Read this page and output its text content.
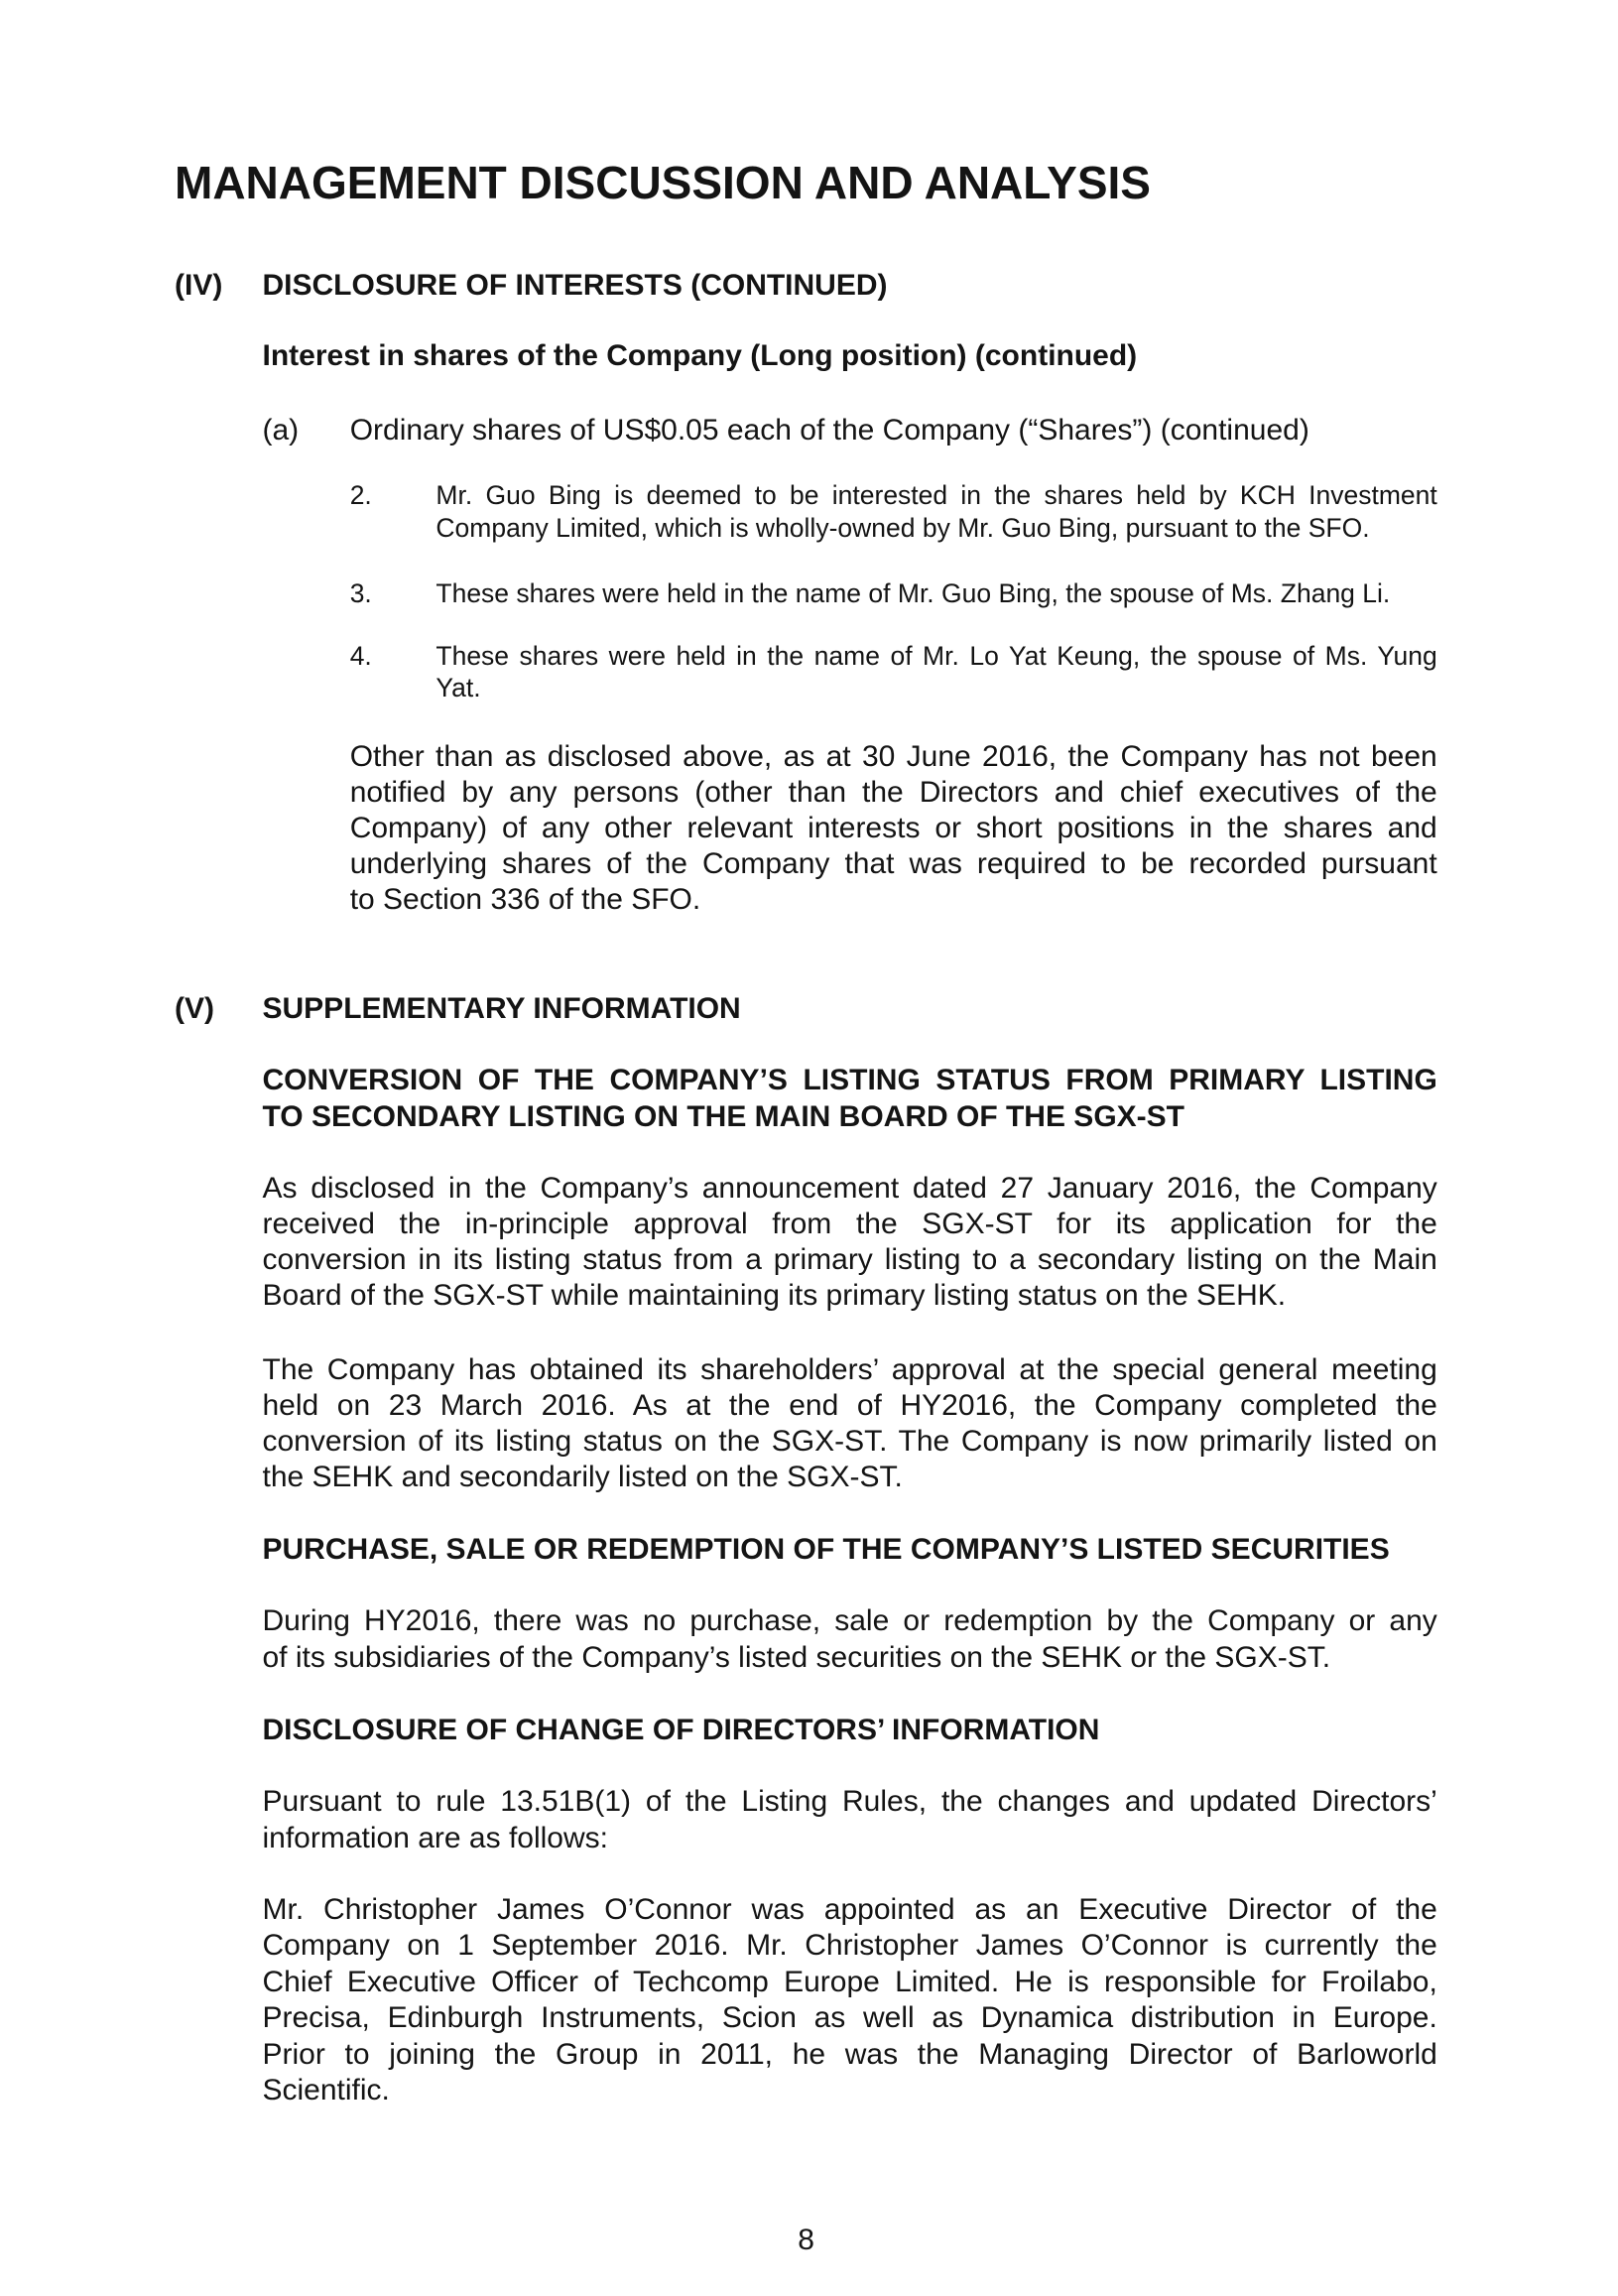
MANAGEMENT DISCUSSION AND ANALYSIS
(IV) DISCLOSURE OF INTERESTS (CONTINUED)
Interest in shares of the Company (Long position) (continued)
(a) Ordinary shares of US$0.05 each of the Company (“Shares”) (continued)
2. Mr. Guo Bing is deemed to be interested in the shares held by KCH Investment
Company Limited, which is wholly-owned by Mr. Guo Bing, pursuant to the SFO.
3. These shares were held in the name of Mr. Guo Bing, the spouse of Ms. Zhang Li.
4. These shares were held in the name of Mr. Lo Yat Keung, the spouse of Ms. Yung
Yat.
Other than as disclosed above, as at 30 June 2016, the Company has not been
notified by any persons (other than the Directors and chief executives of the
Company) of any other relevant interests or short positions in the shares and
underlying shares of the Company that was required to be recorded pursuant
to Section 336 of the SFO.
(V) SUPPLEMENTARY INFORMATION
CONVERSION OF THE COMPANY’S LISTING STATUS FROM PRIMARY LISTING
TO SECONDARY LISTING ON THE MAIN BOARD OF THE SGX-ST
As disclosed in the Company’s announcement dated 27 January 2016, the Company
received the in-principle approval from the SGX-ST for its application for the
conversion in its listing status from a primary listing to a secondary listing on the Main
Board of the SGX-ST while maintaining its primary listing status on the SEHK.
The Company has obtained its shareholders’ approval at the special general meeting
held on 23 March 2016. As at the end of HY2016, the Company completed the
conversion of its listing status on the SGX-ST. The Company is now primarily listed on
the SEHK and secondarily listed on the SGX-ST.
PURCHASE, SALE OR REDEMPTION OF THE COMPANY’S LISTED SECURITIES
During HY2016, there was no purchase, sale or redemption by the Company or any
of its subsidiaries of the Company’s listed securities on the SEHK or the SGX-ST.
DISCLOSURE OF CHANGE OF DIRECTORS’ INFORMATION
Pursuant to rule 13.51B(1) of the Listing Rules, the changes and updated Directors’
information are as follows:
Mr. Christopher James O’Connor was appointed as an Executive Director of the
Company on 1 September 2016. Mr. Christopher James O’Connor is currently the
Chief Executive Officer of Techcomp Europe Limited. He is responsible for Froilabo,
Precisa, Edinburgh Instruments, Scion as well as Dynamica distribution in Europe.
Prior to joining the Group in 2011, he was the Managing Director of Barloworld
Scientific.
8
